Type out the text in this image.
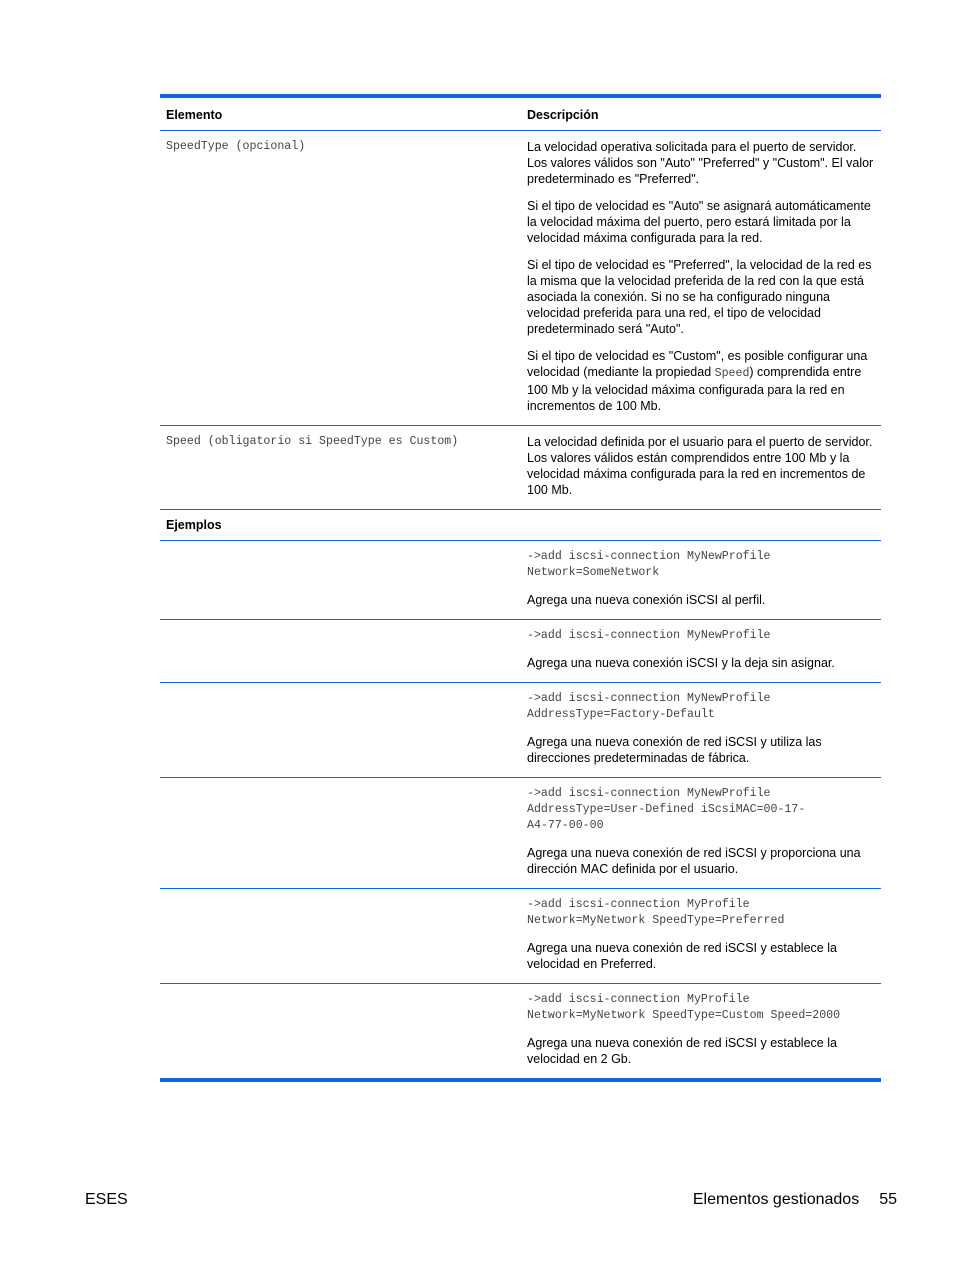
Elemento	Descripción
SpeedType (opcional)	La velocidad operativa solicitada para el puerto de servidor. Los valores válidos son "Auto" "Preferred" y "Custom". El valor predeterminado es "Preferred".

Si el tipo de velocidad es "Auto" se asignará automáticamente la velocidad máxima del puerto, pero estará limitada por la velocidad máxima configurada para la red.

Si el tipo de velocidad es "Preferred", la velocidad de la red es la misma que la velocidad preferida de la red con la que está asociada la conexión. Si no se ha configurado ninguna velocidad preferida para una red, el tipo de velocidad predeterminado será "Auto".

Si el tipo de velocidad es "Custom", es posible configurar una velocidad (mediante la propiedad Speed) comprendida entre 100 Mb y la velocidad máxima configurada para la red en incrementos de 100 Mb.

Speed (obligatorio si SpeedType es Custom)	La velocidad definida por el usuario para el puerto de servidor. Los valores válidos están comprendidos entre 100 Mb y la velocidad máxima configurada para la red en incrementos de 100 Mb.

Ejemplos
->add iscsi-connection MyNewProfile
Network=SomeNetwork

Agrega una nueva conexión iSCSI al perfil.

->add iscsi-connection MyNewProfile

Agrega una nueva conexión iSCSI y la deja sin asignar.

->add iscsi-connection MyNewProfile
AddressType=Factory-Default

Agrega una nueva conexión de red iSCSI y utiliza las direcciones predeterminadas de fábrica.

->add iscsi-connection MyNewProfile
AddressType=User-Defined iScsiMAC=00-17-
A4-77-00-00

Agrega una nueva conexión de red iSCSI y proporciona una dirección MAC definida por el usuario.

->add iscsi-connection MyProfile
Network=MyNetwork SpeedType=Preferred

Agrega una nueva conexión de red iSCSI y establece la velocidad en Preferred.

->add iscsi-connection MyProfile
Network=MyNetwork SpeedType=Custom Speed=2000

Agrega una nueva conexión de red iSCSI y establece la velocidad en 2 Gb.

ESES	Elementos gestionados 55
